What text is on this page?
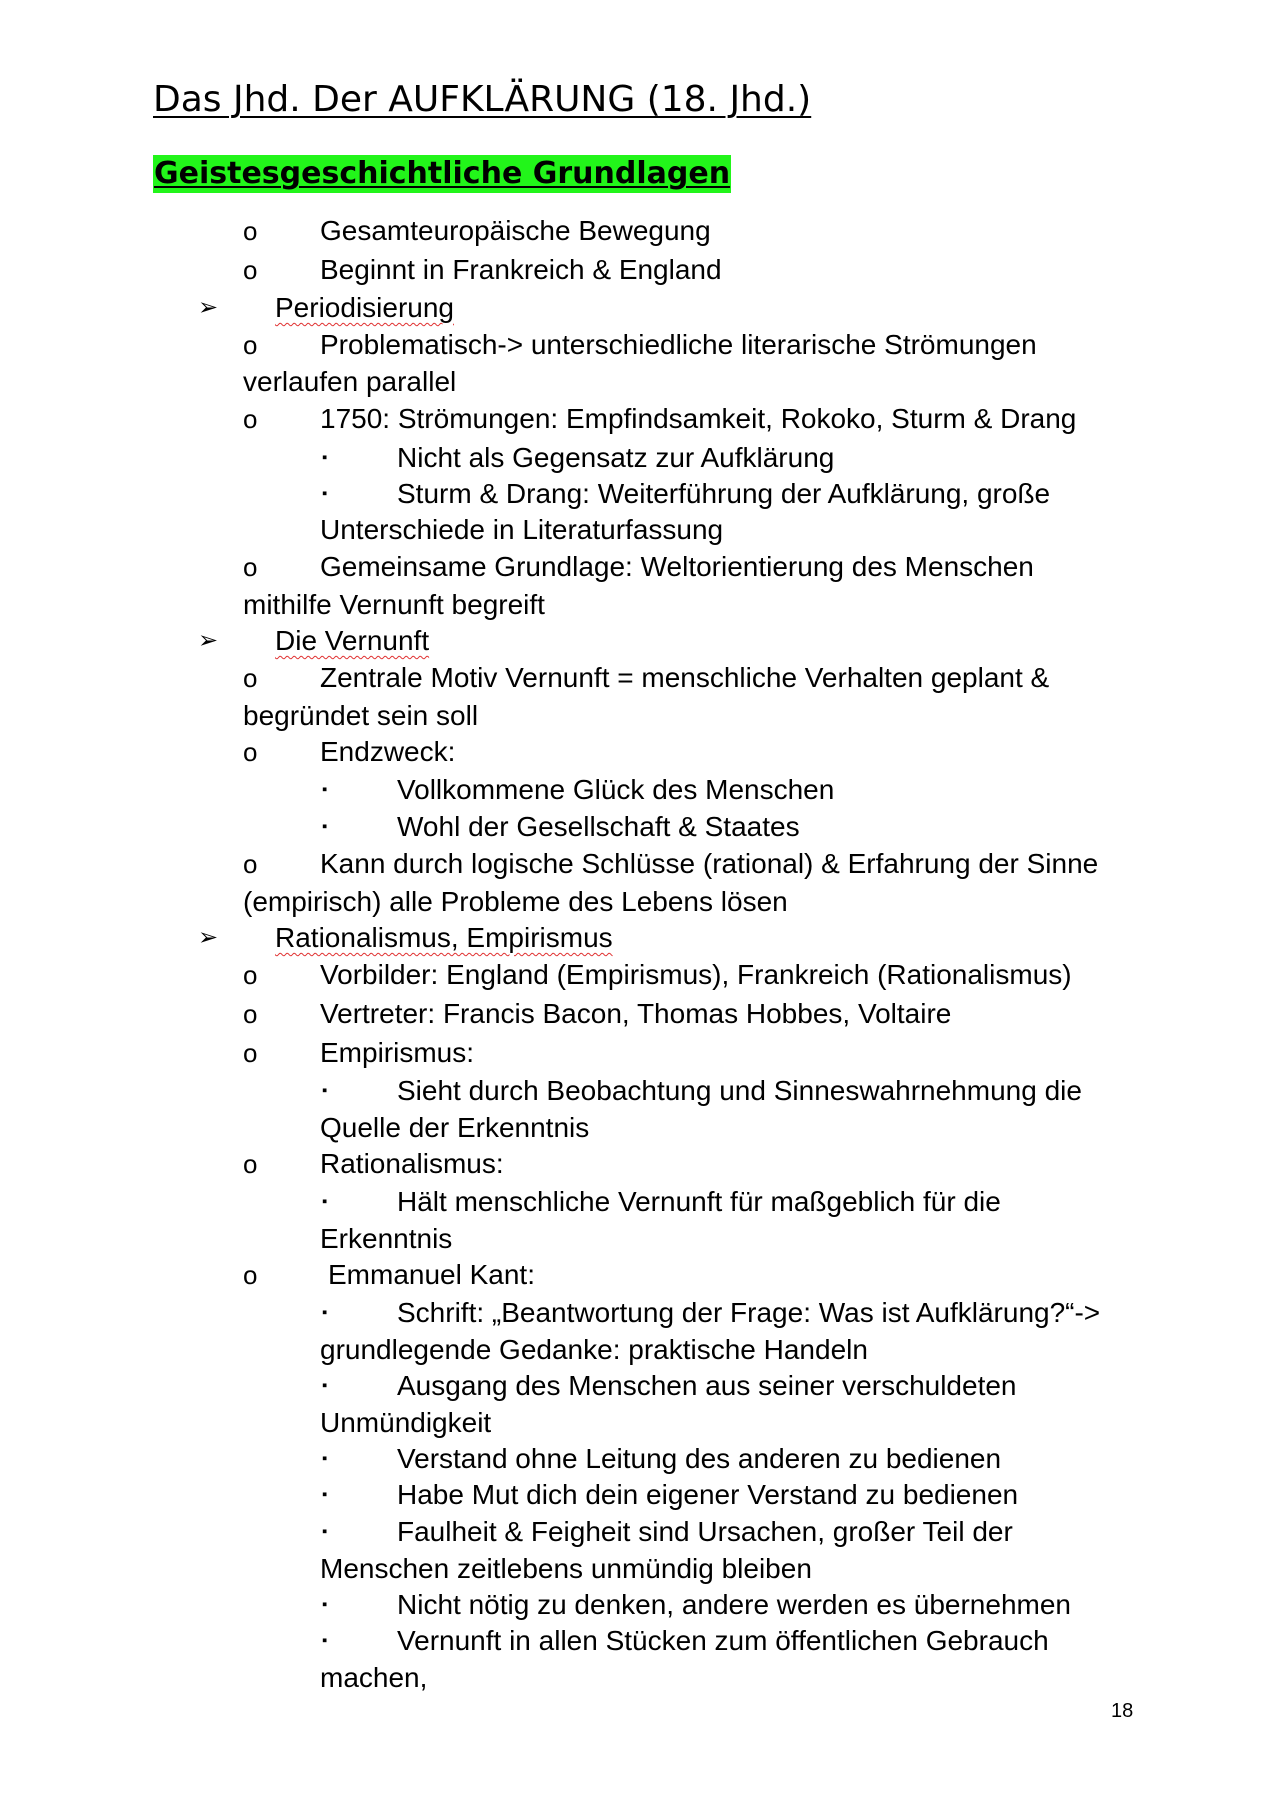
Das Jhd. Der AUFKLÄRUNG (18. Jhd.)
Geistesgeschichtliche Grundlagen
o Gesamteuropäische Bewegung
o Beginnt in Frankreich & England
➢ Periodisierung
o Problematisch-> unterschiedliche literarische Strömungen
verlaufen parallel
o 1750: Strömungen: Empfindsamkeit, Rokoko, Sturm & Drang
▪ Nicht als Gegensatz zur Aufklärung
▪ Sturm & Drang: Weiterführung der Aufklärung, große
Unterschiede in Literaturfassung
o Gemeinsame Grundlage: Weltorientierung des Menschen
mithilfe Vernunft begreift
➢ Die Vernunft
o Zentrale Motiv Vernunft = menschliche Verhalten geplant &
begründet sein soll
o Endzweck:
▪ Vollkommene Glück des Menschen
▪ Wohl der Gesellschaft & Staates
o Kann durch logische Schlüsse (rational) & Erfahrung der Sinne
(empirisch) alle Probleme des Lebens lösen
➢ Rationalismus, Empirismus
o Vorbilder: England (Empirismus), Frankreich (Rationalismus)
o Vertreter: Francis Bacon, Thomas Hobbes, Voltaire
o Empirismus:
▪ Sieht durch Beobachtung und Sinneswahrnehmung die
Quelle der Erkenntnis
o Rationalismus:
▪ Hält menschliche Vernunft für maßgeblich für die
Erkenntnis
o	Emmanuel Kant:
▪ Schrift: „Beantwortung der Frage: Was ist Aufklärung?“->
grundlegende Gedanke: praktische Handeln
▪ Ausgang des Menschen aus seiner verschuldeten
Unmündigkeit
▪ Verstand ohne Leitung des anderen zu bedienen
▪ Habe Mut dich dein eigener Verstand zu bedienen
▪ Faulheit & Feigheit sind Ursachen, großer Teil der
Menschen zeitlebens unmündig bleiben
▪ Nicht nötig zu denken, andere werden es übernehmen
▪ Vernunft in allen Stücken zum öffentlichen Gebrauch
machen,
18
